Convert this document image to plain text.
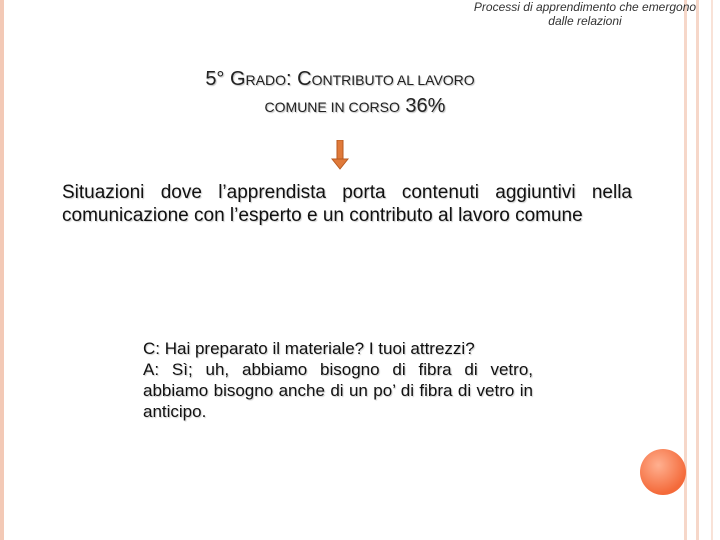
Processi di apprendimento che emergono
dalle relazioni
5° GRADO: CONTRIBUTO AL LAVORO
COMUNE IN CORSO 36%
Situazioni dove l’apprendista porta contenuti aggiuntivi nella comunicazione con l’esperto e un contributo al lavoro comune

C: Hai preparato il materiale? I tuoi attrezzi?

A: Sì; uh, abbiamo bisogno di fibra di vetro, abbiamo bisogno anche di un po’ di fibra di vetro in anticipo.
